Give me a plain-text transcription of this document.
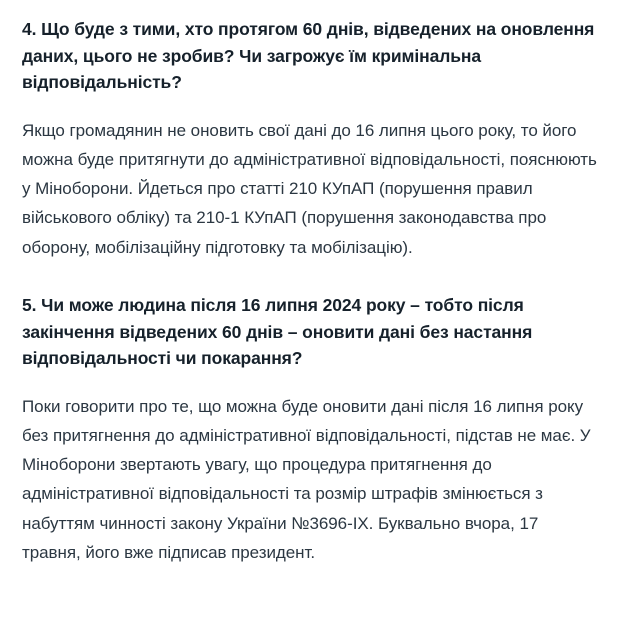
4. Що буде з тими, хто протягом 60 днів, відведених на оновлення даних, цього не зробив? Чи загрожує їм кримінальна відповідальність?

Якщо громадянин не оновить свої дані до 16 липня цього року, то його можна буде притягнути до адміністративної відповідальності, пояснюють у Міноборони. Йдеться про статті 210 КУпАП (порушення правил військового обліку) та 210-1 КУпАП (порушення законодавства про оборону, мобілізаційну підготовку та мобілізацію).

5. Чи може людина після 16 липня 2024 року – тобто після закінчення відведених 60 днів – оновити дані без настання відповідальності чи покарання?

Поки говорити про те, що можна буде оновити дані після 16 липня року без притягнення до адміністративної відповідальності, підстав не має. У Міноборони звертають увагу, що процедура притягнення до адміністративної відповідальності та розмір штрафів змінюється з набуттям чинності закону України №3696-IX. Буквально вчора, 17 травня, його вже підписав президент.
